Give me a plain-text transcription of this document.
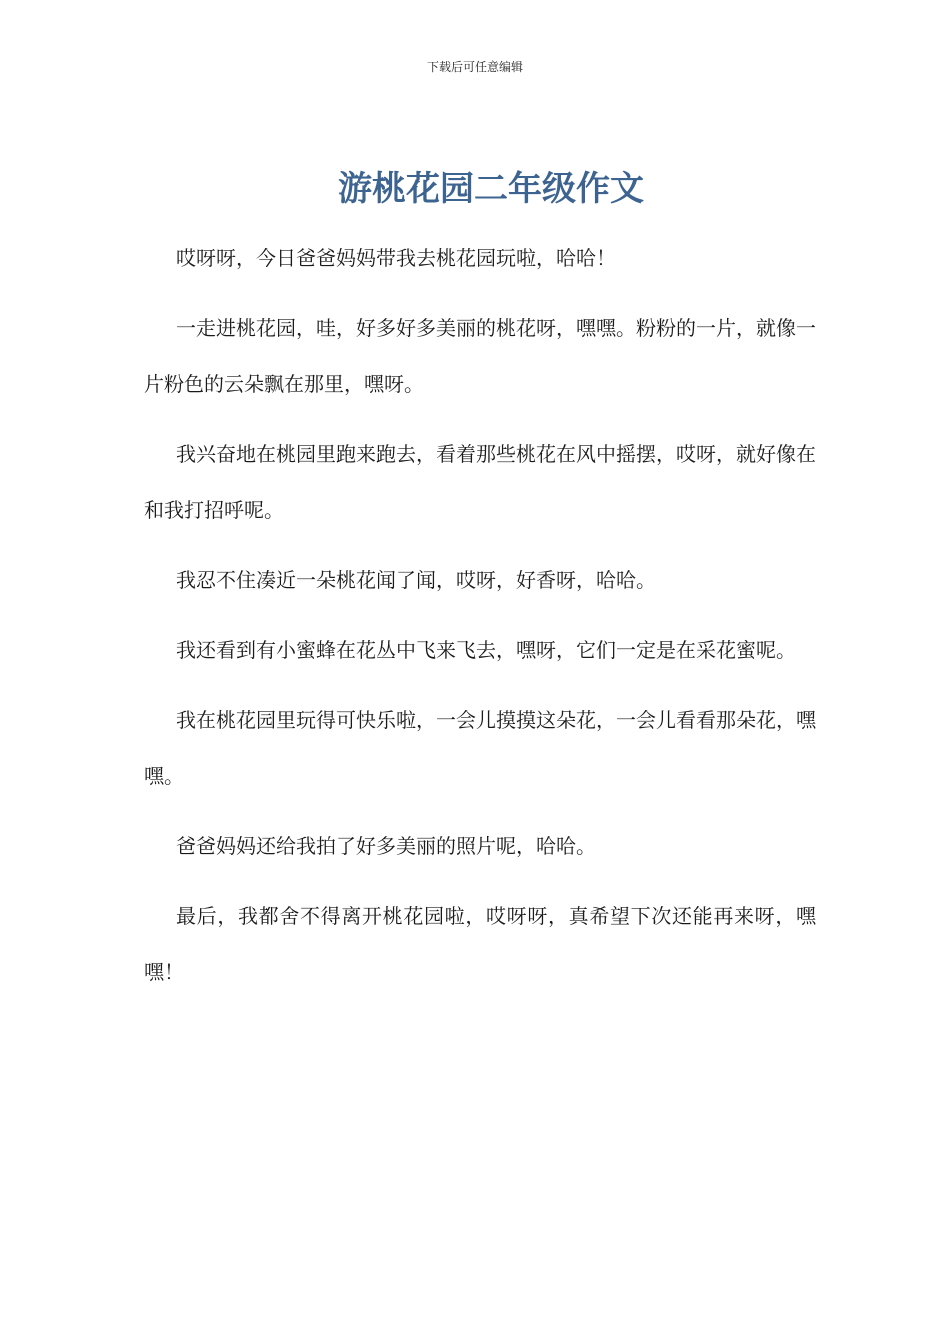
下载后可任意编辑
游桃花园二年级作文

哎呀呀，今日爸爸妈妈带我去桃花园玩啦，哈哈！

一走进桃花园，哇，好多好多美丽的桃花呀，嘿嘿。粉粉的一片，就像一片粉色的云朵飘在那里，嘿呀。

我兴奋地在桃园里跑来跑去，看着那些桃花在风中摇摆，哎呀，就好像在和我打招呼呢。

我忍不住凑近一朵桃花闻了闻，哎呀，好香呀，哈哈。

我还看到有小蜜蜂在花丛中飞来飞去，嘿呀，它们一定是在采花蜜呢。

我在桃花园里玩得可快乐啦，一会儿摸摸这朵花，一会儿看看那朵花，嘿嘿。

爸爸妈妈还给我拍了好多美丽的照片呢，哈哈。

最后，我都舍不得离开桃花园啦，哎呀呀，真希望下次还能再来呀，嘿嘿！
